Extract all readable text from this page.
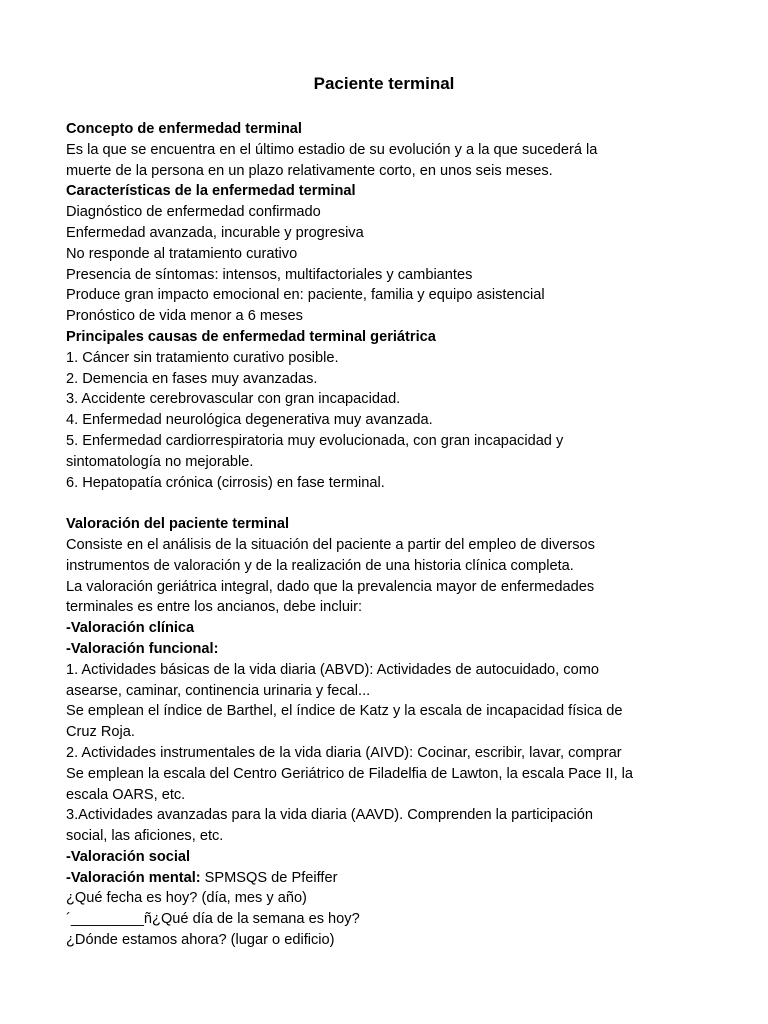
Paciente terminal

Concepto de enfermedad terminal

Es la que se encuentra en el último estadio de su evolución y a la que sucederá la

muerte de la persona en un plazo relativamente corto, en unos seis meses.

Características de la enfermedad terminal

Diagnóstico de enfermedad confirmado

Enfermedad avanzada, incurable y progresiva

No responde al tratamiento curativo

Presencia de síntomas: intensos, multifactoriales y cambiantes

Produce gran impacto emocional en: paciente, familia y equipo asistencial

Pronóstico de vida menor a 6 meses

Principales causas de enfermedad terminal geriátrica

1. Cáncer sin tratamiento curativo posible.

2. Demencia en fases muy avanzadas.

3. Accidente cerebrovascular con gran incapacidad.

4. Enfermedad neurológica degenerativa muy avanzada.

5. Enfermedad cardiorrespiratoria muy evolucionada, con gran incapacidad y

sintomatología no mejorable.

6. Hepatopatía crónica (cirrosis) en fase terminal.

Valoración del paciente terminal

Consiste en el análisis de la situación del paciente a partir del empleo de diversos

instrumentos de valoración y de la realización de una historia clínica completa.

La valoración geriátrica integral, dado que la prevalencia mayor de enfermedades

terminales es entre los ancianos, debe incluir:

-Valoración clínica

-Valoración funcional:

1. Actividades básicas de la vida diaria (ABVD): Actividades de autocuidado, como

asearse, caminar, continencia urinaria y fecal...

Se emplean el índice de Barthel, el índice de Katz y la escala de incapacidad física de

Cruz Roja.

2. Actividades instrumentales de la vida diaria (AIVD): Cocinar, escribir, lavar, comprar

Se emplean la escala del Centro Geriátrico de Filadelfia de Lawton, la escala Pace II, la

escala OARS, etc.

3.Actividades avanzadas para la vida diaria (AAVD). Comprenden la participación

social, las aficiones, etc.

-Valoración social

-Valoración mental: SPMSQS de Pfeiffer

¿Qué fecha es hoy? (día, mes y año)

´_________ñ¿Qué día de la semana es hoy?

¿Dónde estamos ahora? (lugar o edificio)
